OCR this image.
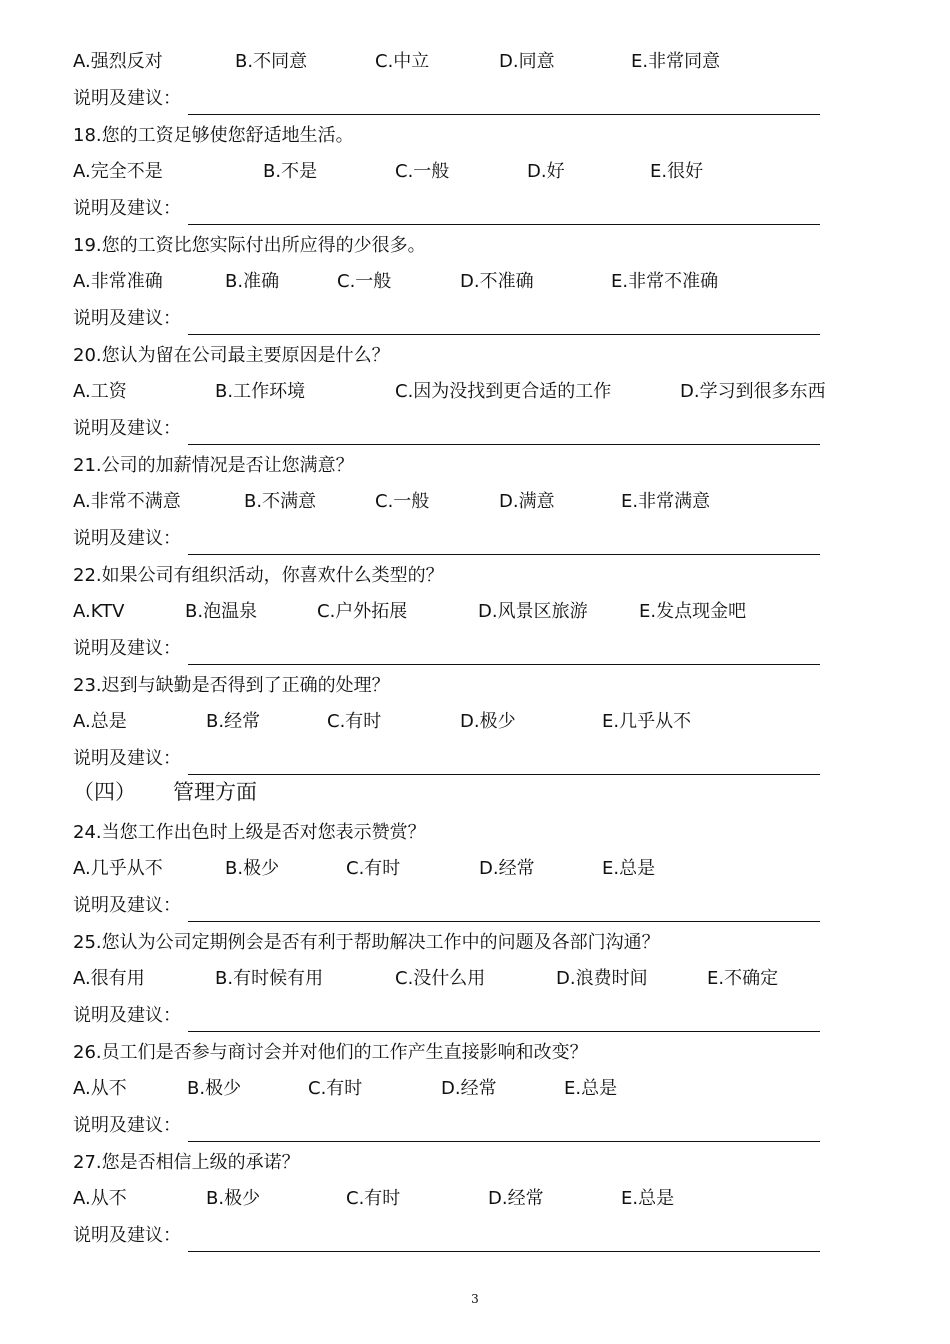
A.强烈反对	B.不同意	C.中立	D.同意	E.非常同意
说明及建议：
18.您的工资足够使您舒适地生活。
A.完全不是	B.不是	C.一般	D.好	E.很好
说明及建议：
19.您的工资比您实际付出所应得的少很多。
A.非常准确	B.准确	C.一般	D.不准确	E.非常不准确
说明及建议：
20.您认为留在公司最主要原因是什么？
A.工资	B.工作环境	C.因为没找到更合适的工作	D.学习到很多东西
说明及建议：
21.公司的加薪情况是否让您满意？
A.非常不满意	B.不满意	C.一般	D.满意	E.非常满意
说明及建议：
22.如果公司有组织活动，你喜欢什么类型的？
A.KTV	B.泡温泉	C.户外拓展	D.风景区旅游	E.发点现金吧
说明及建议：
23.迟到与缺勤是否得到了正确的处理？
A.总是	B.经常	C.有时	D.极少	E.几乎从不
说明及建议：
（四） 管理方面
24.当您工作出色时上级是否对您表示赞赏？
A.几乎从不	B.极少	C.有时	D.经常	E.总是
说明及建议：
25.您认为公司定期例会是否有利于帮助解决工作中的问题及各部门沟通？
A.很有用	B.有时候有用	C.没什么用	D.浪费时间	E.不确定
说明及建议：
26.员工们是否参与商讨会并对他们的工作产生直接影响和改变？
A.从不	B.极少	C.有时	D.经常	E.总是
说明及建议：
27.您是否相信上级的承诺？
A.从不	B.极少	C.有时	D.经常	E.总是
说明及建议：
3
